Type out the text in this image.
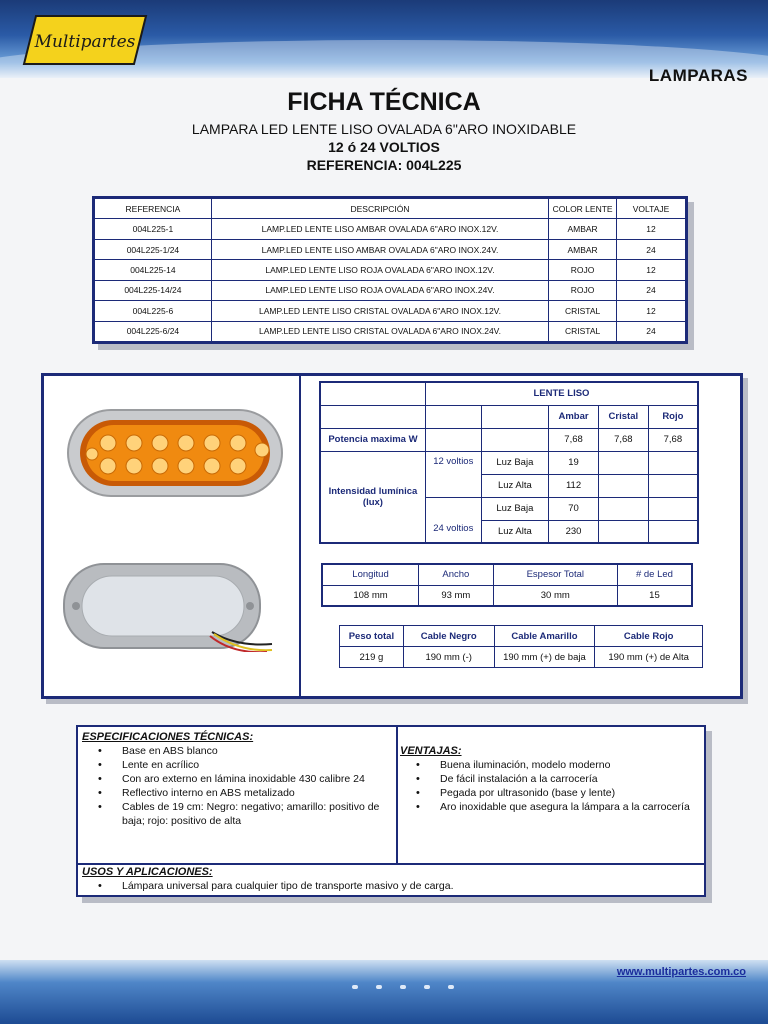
Multipartes
LAMPARAS
FICHA TÉCNICA
LAMPARA LED LENTE LISO OVALADA 6"ARO INOXIDABLE
12 ó 24 VOLTIOS
REFERENCIA: 004L225
REFERENCIA	DESCRIPCIÓN	COLOR LENTE	VOLTAJE
004L225-1	LAMP.LED LENTE LISO AMBAR OVALADA 6"ARO INOX.12V.	AMBAR	12
004L225-1/24	LAMP.LED LENTE LISO AMBAR OVALADA 6"ARO INOX.24V.	AMBAR	24
004L225-14	LAMP.LED LENTE LISO ROJA OVALADA 6"ARO INOX.12V.	ROJO	12
004L225-14/24	LAMP.LED LENTE LISO ROJA OVALADA 6"ARO INOX.24V.	ROJO	24
004L225-6	LAMP.LED LENTE LISO CRISTAL OVALADA 6"ARO INOX.12V.	CRISTAL	12
004L225-6/24	LAMP.LED LENTE LISO CRISTAL OVALADA 6"ARO INOX.24V.	CRISTAL	24
	LENTE LISO				
			Ambar	Cristal	Rojo
Potencia maxima W			7,68	7,68	7,68
Intensidad lumínica (lux)	12 voltios	Luz Baja	19		
		Luz Alta	112		
	24 voltios	Luz Baja	70		
		Luz Alta	230		
Longitud	Ancho	Espesor Total	# de Led
108 mm	93 mm	30 mm	15
Peso total	Cable Negro	Cable Amarillo	Cable Rojo
219 g	190 mm (-)	190 mm (+) de baja	190 mm (+) de Alta
ESPECIFICACIONES TÉCNICAS:
• Base en ABS blanco
• Lente en acrílico
• Con aro externo en lámina inoxidable 430 calibre 24
• Reflectivo interno en ABS metalizado
• Cables de 19 cm: Negro: negativo; amarillo: positivo de baja; rojo: positivo de alta
VENTAJAS:
• Buena iluminación, modelo moderno
• De fácil instalación a la carrocería
• Pegada por ultrasonido (base y lente)
• Aro inoxidable que asegura la lámpara a la carrocería
USOS Y APLICACIONES:
• Lámpara universal para cualquier tipo de transporte masivo y de carga.
www.multipartes.com.co
